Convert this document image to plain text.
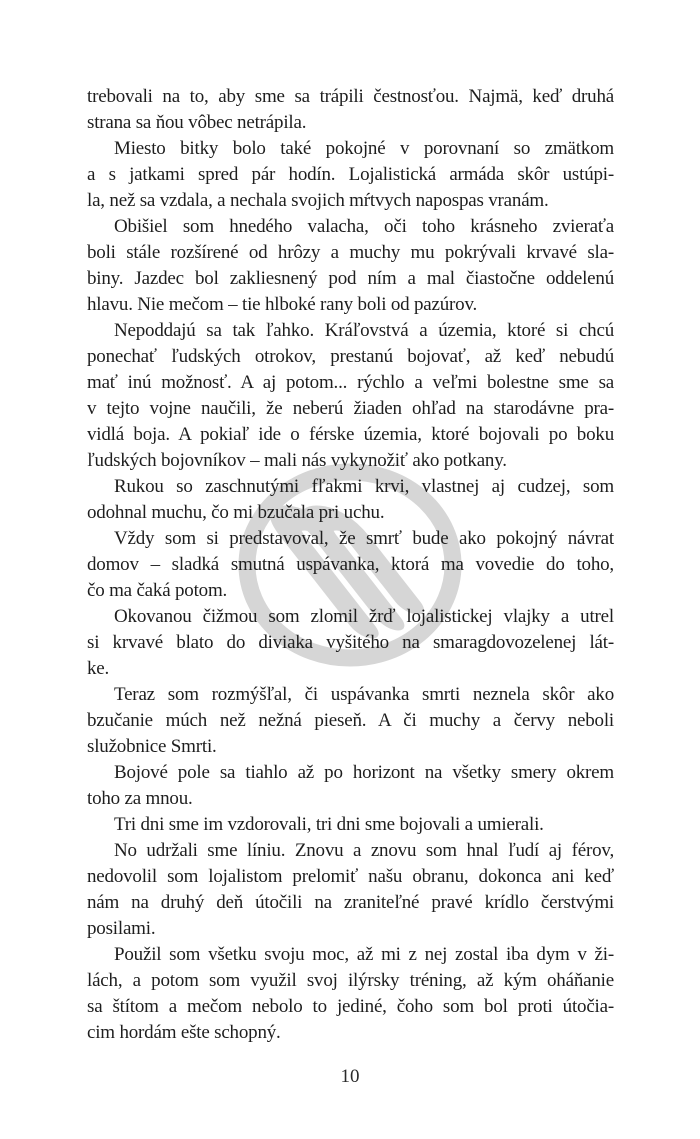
trebovali na to, aby sme sa trápili čestnosťou. Najmä, keď druhá
strana sa ňou vôbec netrápila.
Miesto bitky bolo také pokojné v porovnaní so zmätkom
a s jatkami spred pár hodín. Lojalistická armáda skôr ustúpi-
la, než sa vzdala, a nechala svojich mŕtvych napospas vranám.
Obišiel som hnedého valacha, oči toho krásneho zvieraťa
boli stále rozšírené od hrôzy a muchy mu pokrývali krvavé sla-
biny. Jazdec bol zakliesnený pod ním a mal čiastočne oddelenú
hlavu. Nie mečom – tie hlboké rany boli od pazúrov.
Nepoddajú sa tak ľahko. Kráľovstvá a územia, ktoré si chcú
ponechať ľudských otrokov, prestanú bojovať, až keď nebudú
mať inú možnosť. A aj potom... rýchlo a veľmi bolestne sme sa
v tejto vojne naučili, že neberú žiaden ohľad na starodávne pra-
vidlá boja. A pokiaľ ide o férske územia, ktoré bojovali po boku
ľudských bojovníkov – mali nás vykynožiť ako potkany.
Rukou so zaschnutými fľakmi krvi, vlastnej aj cudzej, som
odohnal muchu, čo mi bzučala pri uchu.
Vždy som si predstavoval, že smrť bude ako pokojný návrat
domov – sladká smutná uspávanka, ktorá ma vovedie do toho,
čo ma čaká potom.
Okovanou čižmou som zlomil žrď lojalistickej vlajky a utrel
si krvavé blato do diviaka vyšitého na smaragdovozelenej lát-
ke.
Teraz som rozmýšľal, či uspávanka smrti neznela skôr ako
bzučanie múch než nežná pieseň. A či muchy a červy neboli
služobnice Smrti.
Bojové pole sa tiahlo až po horizont na všetky smery okrem
toho za mnou.
Tri dni sme im vzdorovali, tri dni sme bojovali a umierali.
No udržali sme líniu. Znovu a znovu som hnal ľudí aj férov,
nedovolil som lojalistom prelomiť našu obranu, dokonca ani keď
nám na druhý deň útočili na zraniteľné pravé krídlo čerstvými
posilami.
Použil som všetku svoju moc, až mi z nej zostal iba dym v ži-
lách, a potom som využil svoj ilýrsky tréning, až kým oháňanie
sa štítom a mečom nebolo to jediné, čoho som bol proti útočia-
cim hordám ešte schopný.
10
